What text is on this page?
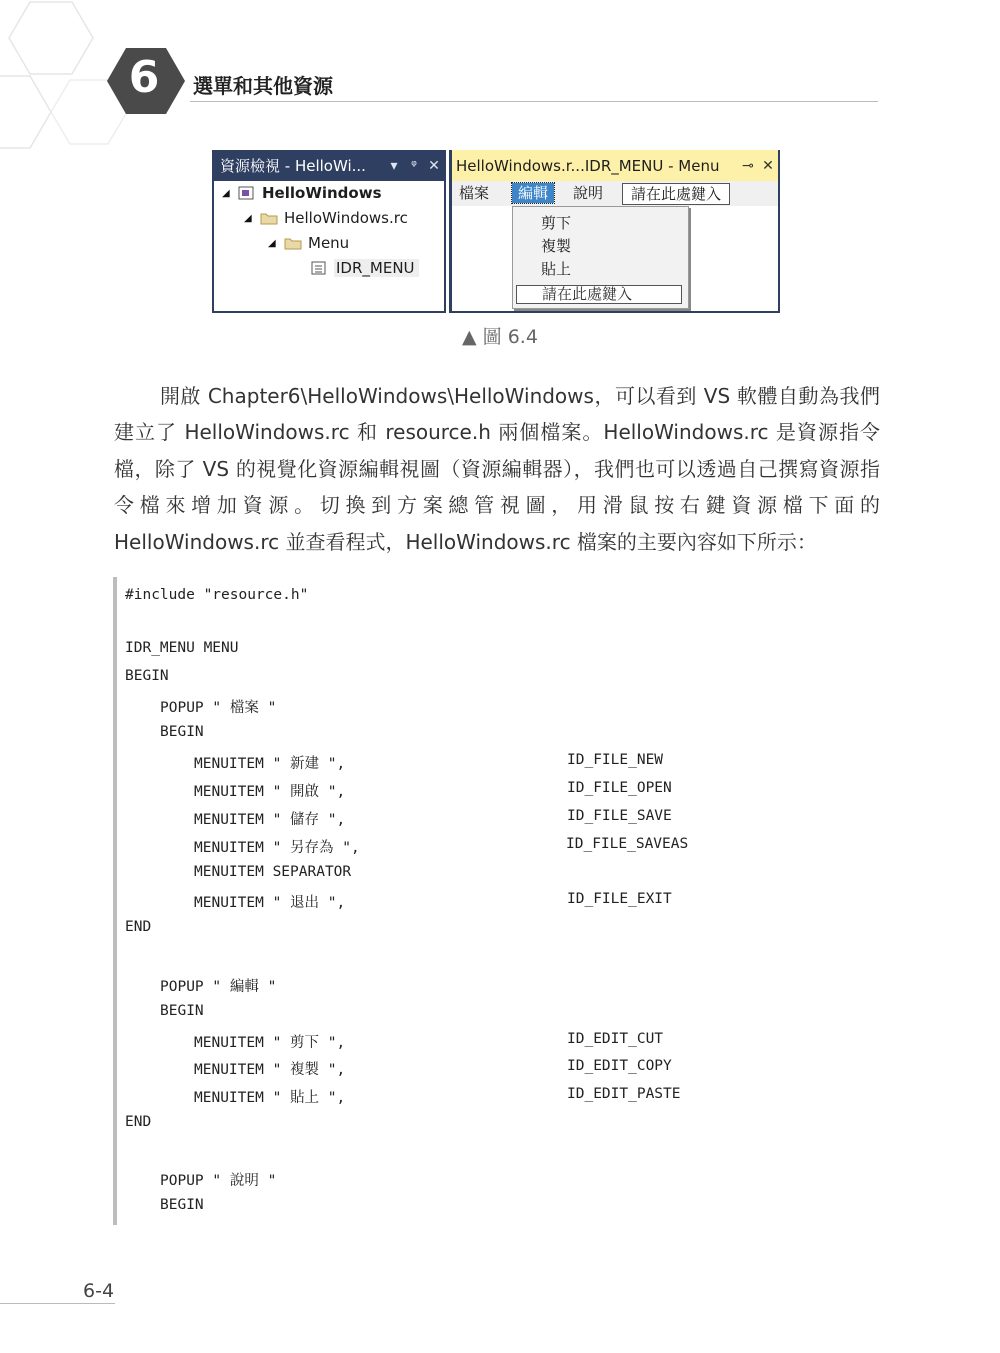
6	選單和其他資源
資源檢視 - HelloWi...	▾ ᵠ ✕
◢	HelloWindows
◢	HelloWindows.rc
◢	Menu
IDR_MENU
HelloWindows.r...IDR_MENU - Menu	⊸ ✕
檔案	編輯	說明	請在此處鍵入
剪下
複製
貼上
請在此處鍵入
▲ 圖 6.4

開啟 Chapter6\HelloWindows\HelloWindows，可以看到 VS 軟體自動為我們建立了 HelloWindows.rc 和 resource.h 兩個檔案。HelloWindows.rc 是資源指令檔，除了 VS 的視覺化資源編輯視圖（資源編輯器），我們也可以透過自己撰寫資源指令檔來增加資源。切換到方案總管視圖，用滑鼠按右鍵資源檔下面的 HelloWindows.rc 並查看程式，HelloWindows.rc 檔案的主要內容如下所示：

#include "resource.h"
IDR_MENU MENU
BEGIN
POPUP " 檔案 "
BEGIN
MENUITEM " 新建 ",	ID_FILE_NEW
MENUITEM " 開啟 ",	ID_FILE_OPEN
MENUITEM " 儲存 ",	ID_FILE_SAVE
MENUITEM " 另存為 ",	ID_FILE_SAVEAS
MENUITEM SEPARATOR
MENUITEM " 退出 ",	ID_FILE_EXIT
END
POPUP " 編輯 "
BEGIN
MENUITEM " 剪下 ",	ID_EDIT_CUT
MENUITEM " 複製 ",	ID_EDIT_COPY
MENUITEM " 貼上 ",	ID_EDIT_PASTE
END
POPUP " 說明 "
BEGIN
6-4
